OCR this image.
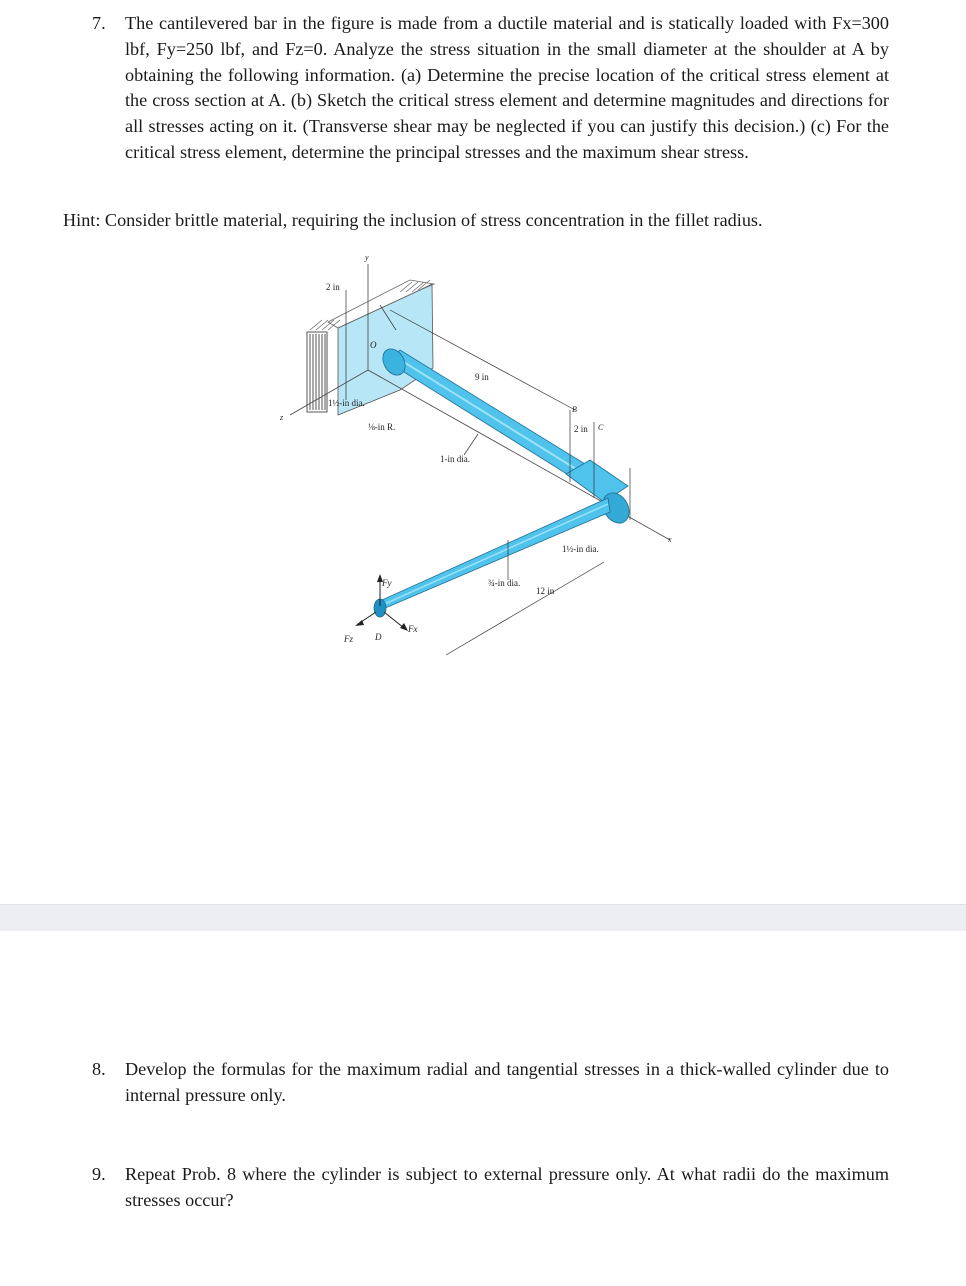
7. The cantilevered bar in the figure is made from a ductile material and is statically loaded with Fx=300 lbf, Fy=250 lbf, and Fz=0. Analyze the stress situation in the small diameter at the shoulder at A by obtaining the following information. (a) Determine the precise location of the critical stress element at the cross section at A. (b) Sketch the critical stress element and determine magnitudes and directions for all stresses acting on it. (Transverse shear may be neglected if you can justify this decision.) (c) For the critical stress element, determine the principal stresses and the maximum shear stress.
Hint: Consider brittle material, requiring the inclusion of stress concentration in the fillet radius.
y
z
x
2 in
O
9 in
1½-in dia.
⅛-in R.
1-in dia.
B
2 in C
1½-in dia.
¾-in dia.
12 in
Fy
Fz D
Fx
8. Develop the formulas for the maximum radial and tangential stresses in a thick-walled cylinder due to internal pressure only.
9. Repeat Prob. 8 where the cylinder is subject to external pressure only. At what radii do the maximum stresses occur?
